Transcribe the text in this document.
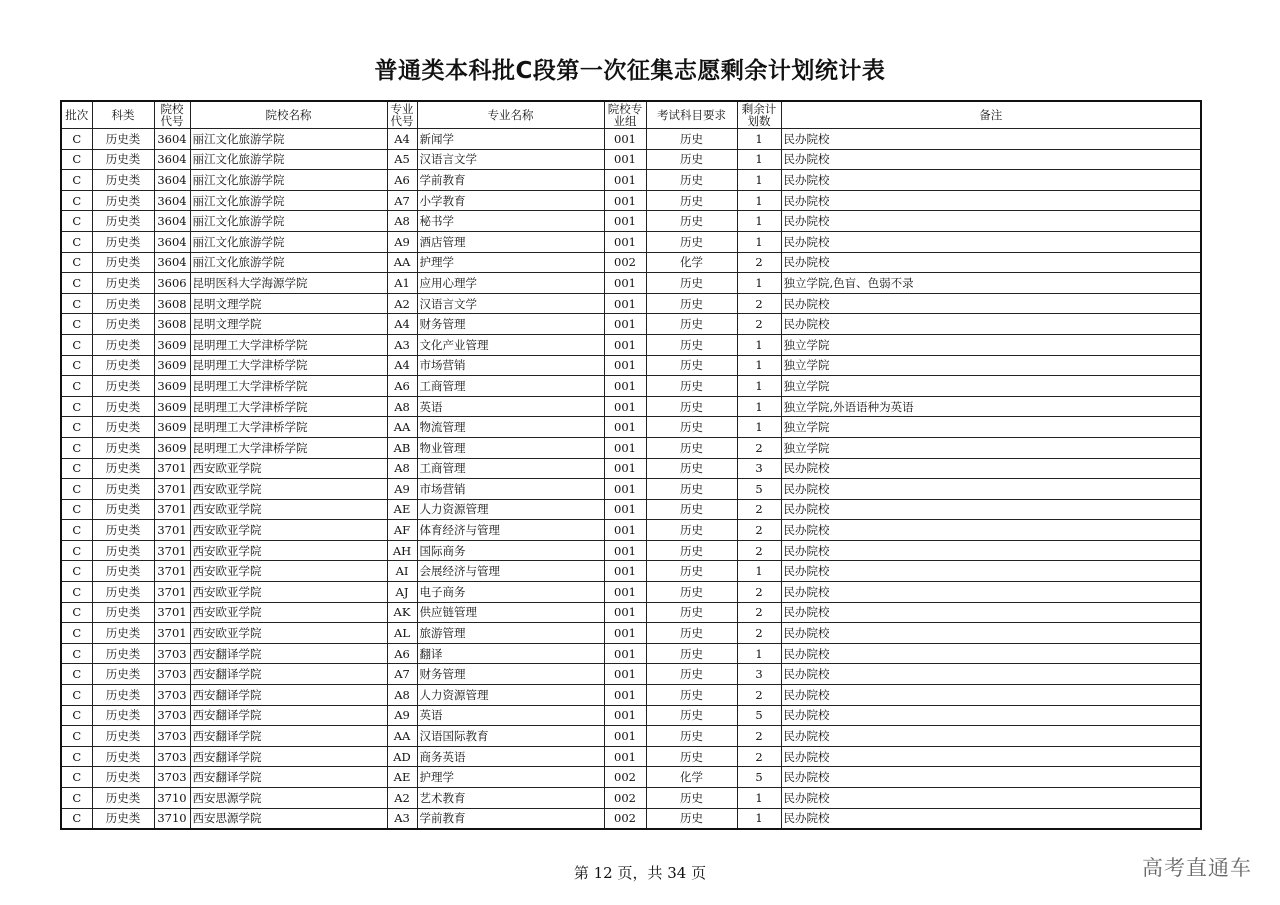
普通类本科批C段第一次征集志愿剩余计划统计表
批次	科类	院校代号	院校名称	专业代号	专业名称	院校专业组	考试科目要求	剩余计划数	备注
C	历史类	3604	丽江文化旅游学院	A4	新闻学	001	历史	1	民办院校
C	历史类	3604	丽江文化旅游学院	A5	汉语言文学	001	历史	1	民办院校
C	历史类	3604	丽江文化旅游学院	A6	学前教育	001	历史	1	民办院校
C	历史类	3604	丽江文化旅游学院	A7	小学教育	001	历史	1	民办院校
C	历史类	3604	丽江文化旅游学院	A8	秘书学	001	历史	1	民办院校
C	历史类	3604	丽江文化旅游学院	A9	酒店管理	001	历史	1	民办院校
C	历史类	3604	丽江文化旅游学院	AA	护理学	002	化学	2	民办院校
C	历史类	3606	昆明医科大学海源学院	A1	应用心理学	001	历史	1	独立学院,色盲、色弱不录
C	历史类	3608	昆明文理学院	A2	汉语言文学	001	历史	2	民办院校
C	历史类	3608	昆明文理学院	A4	财务管理	001	历史	2	民办院校
C	历史类	3609	昆明理工大学津桥学院	A3	文化产业管理	001	历史	1	独立学院
C	历史类	3609	昆明理工大学津桥学院	A4	市场营销	001	历史	1	独立学院
C	历史类	3609	昆明理工大学津桥学院	A6	工商管理	001	历史	1	独立学院
C	历史类	3609	昆明理工大学津桥学院	A8	英语	001	历史	1	独立学院,外语语种为英语
C	历史类	3609	昆明理工大学津桥学院	AA	物流管理	001	历史	1	独立学院
C	历史类	3609	昆明理工大学津桥学院	AB	物业管理	001	历史	2	独立学院
C	历史类	3701	西安欧亚学院	A8	工商管理	001	历史	3	民办院校
C	历史类	3701	西安欧亚学院	A9	市场营销	001	历史	5	民办院校
C	历史类	3701	西安欧亚学院	AE	人力资源管理	001	历史	2	民办院校
C	历史类	3701	西安欧亚学院	AF	体育经济与管理	001	历史	2	民办院校
C	历史类	3701	西安欧亚学院	AH	国际商务	001	历史	2	民办院校
C	历史类	3701	西安欧亚学院	AI	会展经济与管理	001	历史	1	民办院校
C	历史类	3701	西安欧亚学院	AJ	电子商务	001	历史	2	民办院校
C	历史类	3701	西安欧亚学院	AK	供应链管理	001	历史	2	民办院校
C	历史类	3701	西安欧亚学院	AL	旅游管理	001	历史	2	民办院校
C	历史类	3703	西安翻译学院	A6	翻译	001	历史	1	民办院校
C	历史类	3703	西安翻译学院	A7	财务管理	001	历史	3	民办院校
C	历史类	3703	西安翻译学院	A8	人力资源管理	001	历史	2	民办院校
C	历史类	3703	西安翻译学院	A9	英语	001	历史	5	民办院校
C	历史类	3703	西安翻译学院	AA	汉语国际教育	001	历史	2	民办院校
C	历史类	3703	西安翻译学院	AD	商务英语	001	历史	2	民办院校
C	历史类	3703	西安翻译学院	AE	护理学	002	化学	5	民办院校
C	历史类	3710	西安思源学院	A2	艺术教育	002	历史	1	民办院校
C	历史类	3710	西安思源学院	A3	学前教育	002	历史	1	民办院校
第 12 页，共 34 页	高考直通车
